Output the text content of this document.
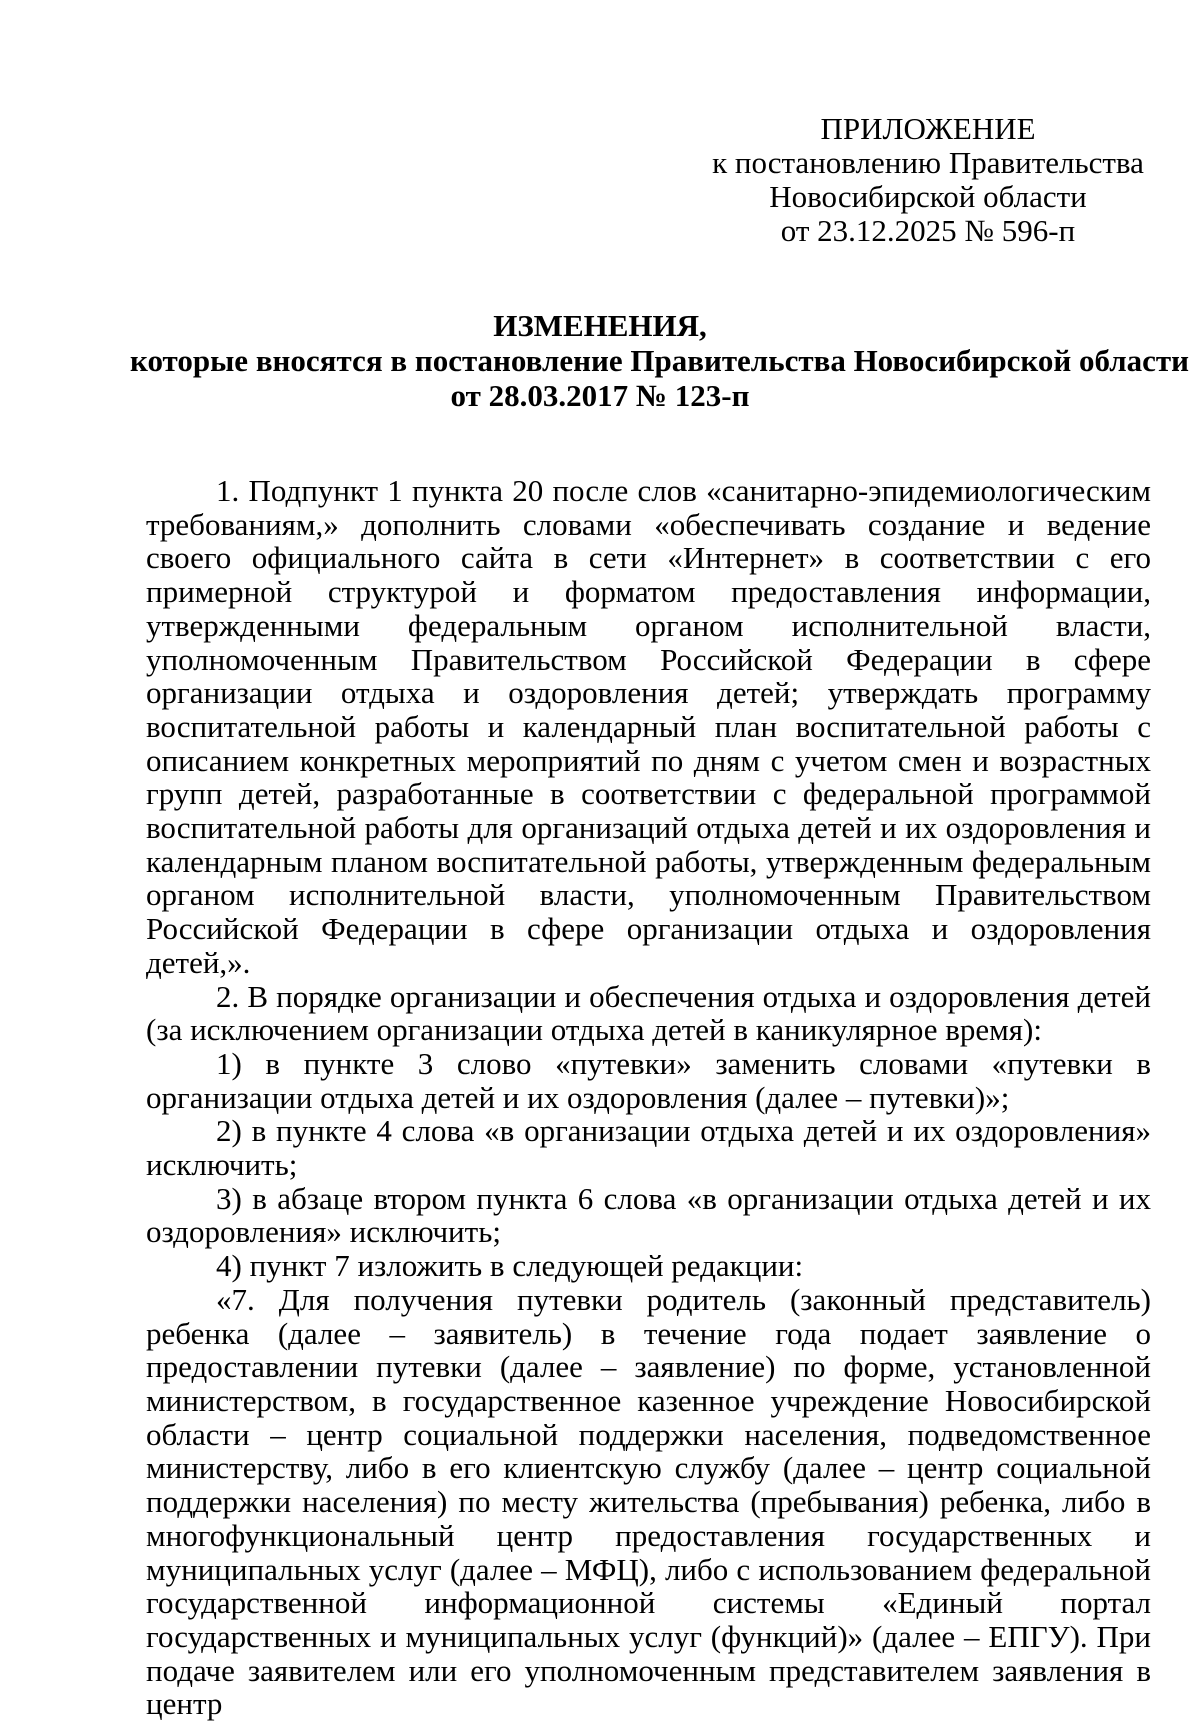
ПРИЛОЖЕНИЕ
к постановлению Правительства
Новосибирской области
от 23.12.2025 № 596-п
ИЗМЕНЕНИЯ,
которые вносятся в постановление Правительства Новосибирской области
от 28.03.2017 № 123-п

1. Подпункт 1 пункта 20 после слов «санитарно-эпидемиологическим требованиям,» дополнить словами «обеспечивать создание и ведение своего официального сайта в сети «Интернет» в соответствии с его примерной структурой и форматом предоставления информации, утвержденными федеральным органом исполнительной власти, уполномоченным Правительством Российской Федерации в сфере организации отдыха и оздоровления детей; утверждать программу воспитательной работы и календарный план воспитательной работы с описанием конкретных мероприятий по дням с учетом смен и возрастных групп детей, разработанные в соответствии с федеральной программой воспитательной работы для организаций отдыха детей и их оздоровления и календарным планом воспитательной работы, утвержденным федеральным органом исполнительной власти, уполномоченным Правительством Российской Федерации в сфере организации отдыха и оздоровления детей,».

2. В порядке организации и обеспечения отдыха и оздоровления детей (за исключением организации отдыха детей в каникулярное время):

1) в пункте 3 слово «путевки» заменить словами «путевки в организации отдыха детей и их оздоровления (далее – путевки)»;

2) в пункте 4 слова «в организации отдыха детей и их оздоровления» исключить;

3) в абзаце втором пункта 6 слова «в организации отдыха детей и их оздоровления» исключить;

4) пункт 7 изложить в следующей редакции:

«7. Для получения путевки родитель (законный представитель) ребенка (далее – заявитель) в течение года подает заявление о предоставлении путевки (далее – заявление) по форме, установленной министерством, в государственное казенное учреждение Новосибирской области – центр социальной поддержки населения, подведомственное министерству, либо в его клиентскую службу (далее – центр социальной поддержки населения) по месту жительства (пребывания) ребенка, либо в многофункциональный центр предоставления государственных и муниципальных услуг (далее – МФЦ), либо с использованием федеральной государственной информационной системы «Единый портал государственных и муниципальных услуг (функций)» (далее – ЕПГУ). При подаче заявителем или его уполномоченным представителем заявления в центр
